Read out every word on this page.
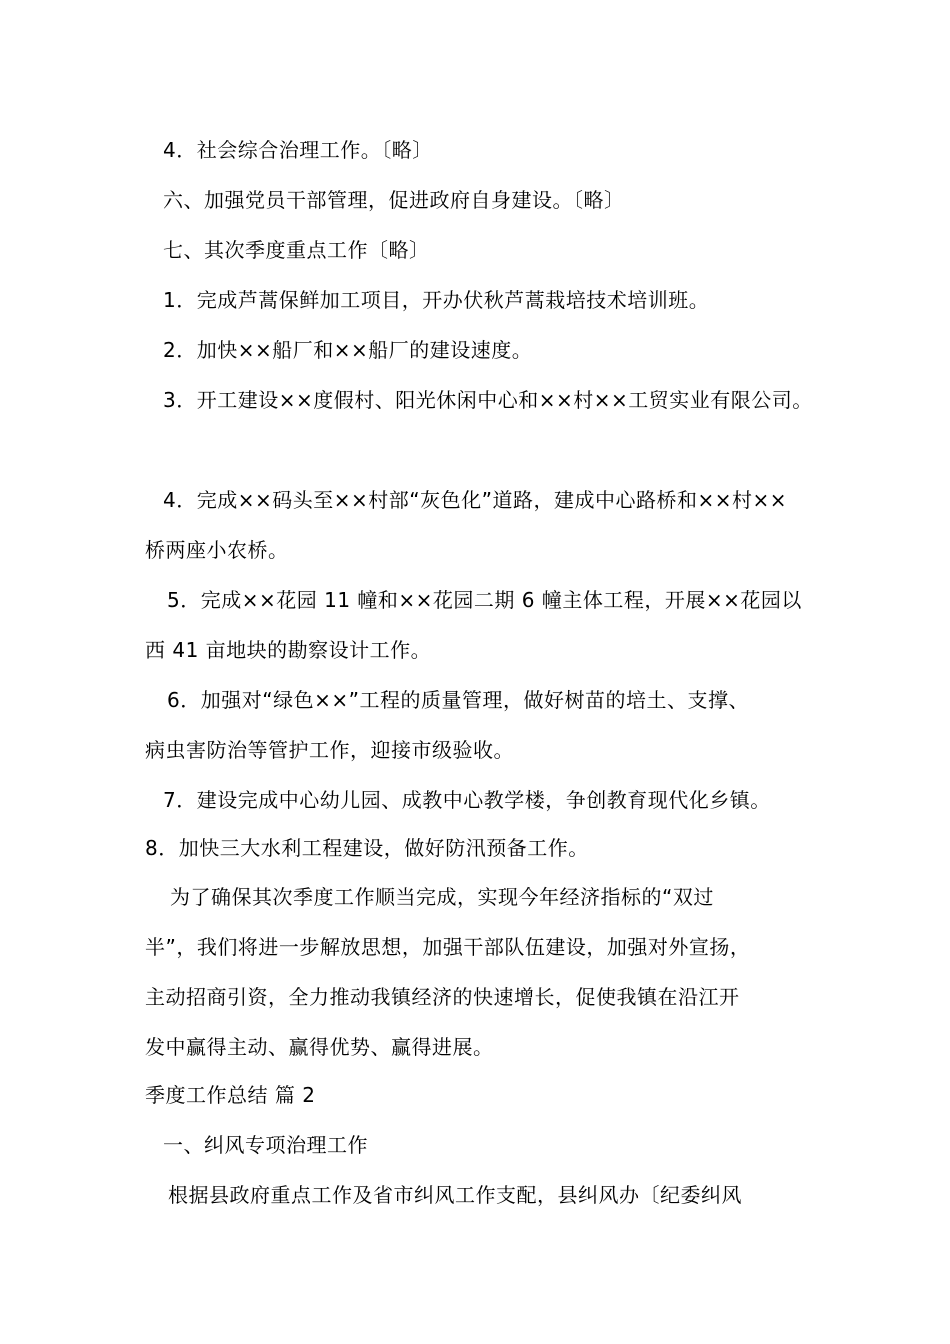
4．社会综合治理工作。〔略〕
六、加强党员干部管理，促进政府自身建设。〔略〕
七、其次季度重点工作〔略〕
1．完成芦蒿保鲜加工项目，开办伏秋芦蒿栽培技术培训班。
2．加快××船厂和××船厂的建设速度。
3．开工建设××度假村、阳光休闲中心和××村××工贸实业有限公司。
4．完成××码头至××村部“灰色化”道路，建成中心路桥和××村××
桥两座小农桥。
5．完成××花园 11 幢和××花园二期 6 幢主体工程，开展××花园以
西 41 亩地块的勘察设计工作。
6．加强对“绿色××”工程的质量管理，做好树苗的培土、支撑、
病虫害防治等管护工作，迎接市级验收。
7．建设完成中心幼儿园、成教中心教学楼，争创教育现代化乡镇。
8．加快三大水利工程建设，做好防汛预备工作。
为了确保其次季度工作顺当完成，实现今年经济指标的“双过
半”，我们将进一步解放思想，加强干部队伍建设，加强对外宣扬，
主动招商引资，全力推动我镇经济的快速增长，促使我镇在沿江开
发中赢得主动、赢得优势、赢得进展。
季度工作总结 篇 2
一、纠风专项治理工作
根据县政府重点工作及省市纠风工作支配，县纠风办〔纪委纠风
